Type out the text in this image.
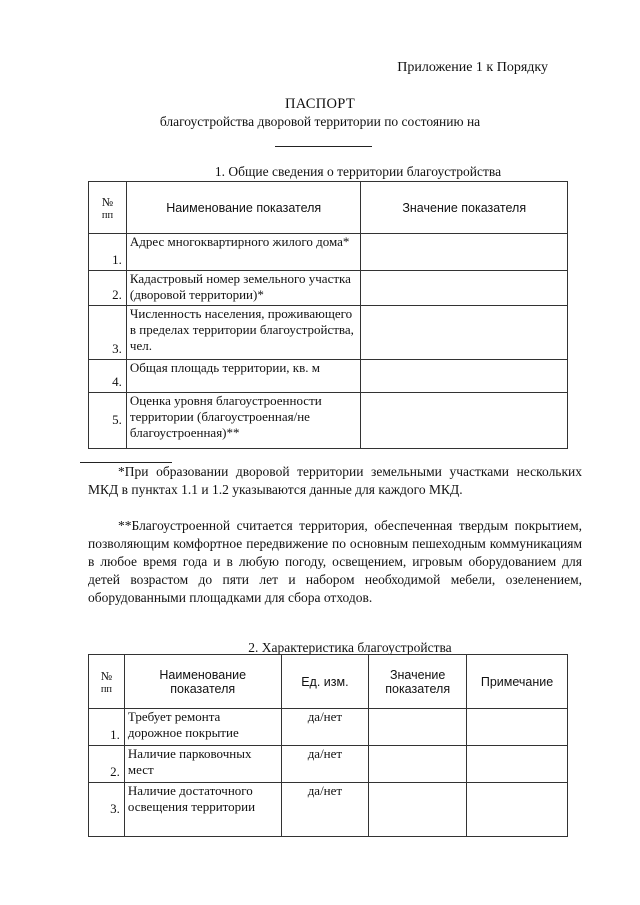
Приложение 1 к Порядку
ПАСПОРТ
благоустройства дворовой территории по состоянию на
1. Общие сведения о территории благоустройства
№
пп	Наименование показателя	Значение показателя
1.	Адрес многоквартирного жилого дома*	
2.	Кадастровый номер земельного участка (дворовой территории)*	
3.	Численность населения, проживающего в пределах территории благоустройства, чел.	
4.	Общая площадь территории, кв. м	
5.	Оценка уровня благоустроенности территории (благоустроенная/не благоустроенная)**	
*При образовании дворовой территории земельными участками нескольких МКД в пунктах 1.1 и 1.2 указываются данные для каждого МКД.
**Благоустроенной считается территория, обеспеченная твердым покрытием, позволяющим комфортное передвижение по основным пешеходным коммуникациям в любое время года и в любую погоду, освещением, игровым оборудованием для детей возрастом до пяти лет и набором необходимой мебели, озеленением, оборудованными площадками для сбора отходов.
2. Характеристика благоустройства
№
пп	Наименование показателя	Ед. изм.	Значение показателя	Примечание
1.	Требует ремонта дорожное покрытие	да/нет		
2.	Наличие парковочных мест	да/нет		
3.	Наличие достаточного освещения территории	да/нет		
